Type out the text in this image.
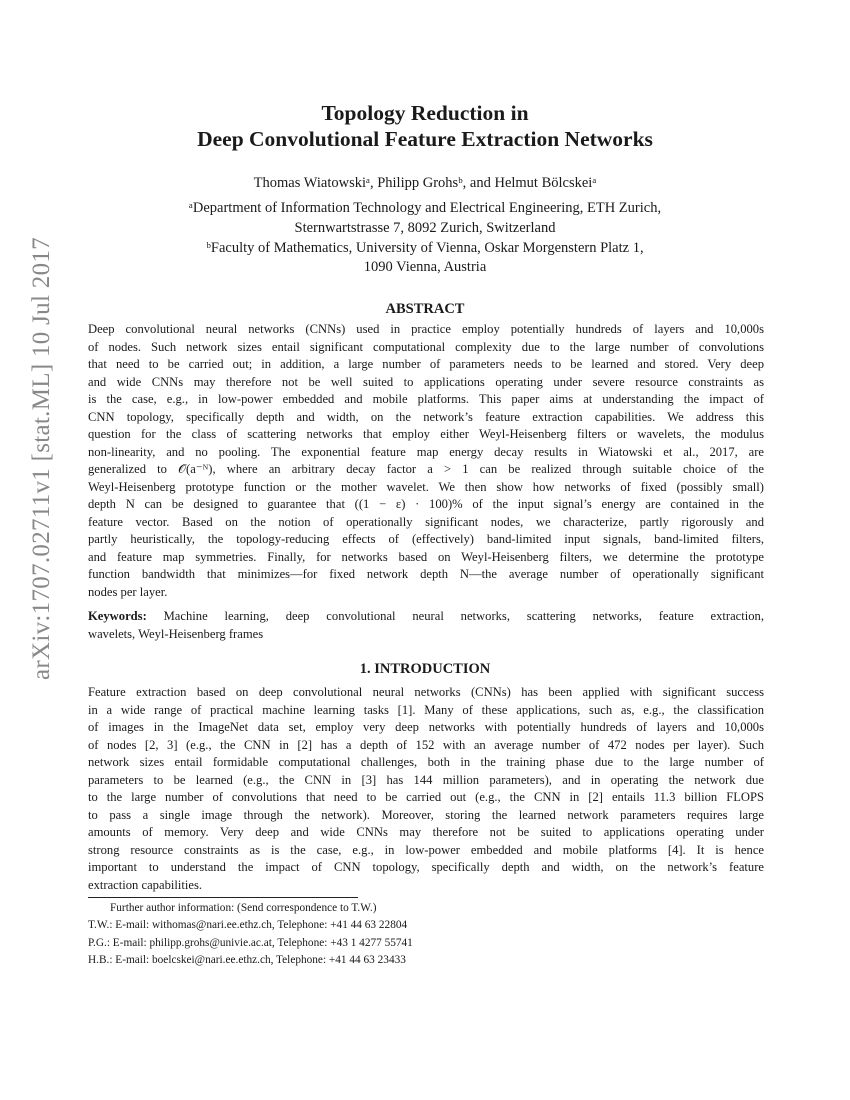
arXiv:1707.02711v1 [stat.ML] 10 Jul 2017
Topology Reduction in
Deep Convolutional Feature Extraction Networks
Thomas Wiatowskiᵃ, Philipp Grohsᵇ, and Helmut Bölcskeiᵃ
ᵃDepartment of Information Technology and Electrical Engineering, ETH Zurich,
Sternwartstrasse 7, 8092 Zurich, Switzerland
ᵇFaculty of Mathematics, University of Vienna, Oskar Morgenstern Platz 1,
1090 Vienna, Austria
ABSTRACT
Deep convolutional neural networks (CNNs) used in practice employ potentially hundreds of layers and 10,000s
of nodes. Such network sizes entail significant computational complexity due to the large number of convolutions
that need to be carried out; in addition, a large number of parameters needs to be learned and stored. Very deep
and wide CNNs may therefore not be well suited to applications operating under severe resource constraints as
is the case, e.g., in low-power embedded and mobile platforms. This paper aims at understanding the impact of
CNN topology, specifically depth and width, on the network’s feature extraction capabilities. We address this
question for the class of scattering networks that employ either Weyl-Heisenberg filters or wavelets, the modulus
non-linearity, and no pooling. The exponential feature map energy decay results in Wiatowski et al., 2017, are
generalized to 𝒪(a⁻ᴺ), where an arbitrary decay factor a > 1 can be realized through suitable choice of the
Weyl-Heisenberg prototype function or the mother wavelet. We then show how networks of fixed (possibly small)
depth N can be designed to guarantee that ((1 − ε) · 100)% of the input signal’s energy are contained in the
feature vector. Based on the notion of operationally significant nodes, we characterize, partly rigorously and
partly heuristically, the topology-reducing effects of (effectively) band-limited input signals, band-limited filters,
and feature map symmetries. Finally, for networks based on Weyl-Heisenberg filters, we determine the prototype
function bandwidth that minimizes—for fixed network depth N—the average number of operationally significant
nodes per layer.
Keywords: Machine learning, deep convolutional neural networks, scattering networks, feature extraction,
wavelets, Weyl-Heisenberg frames
1. INTRODUCTION
Feature extraction based on deep convolutional neural networks (CNNs) has been applied with significant success
in a wide range of practical machine learning tasks [1]. Many of these applications, such as, e.g., the classification
of images in the ImageNet data set, employ very deep networks with potentially hundreds of layers and 10,000s
of nodes [2, 3] (e.g., the CNN in [2] has a depth of 152 with an average number of 472 nodes per layer). Such
network sizes entail formidable computational challenges, both in the training phase due to the large number of
parameters to be learned (e.g., the CNN in [3] has 144 million parameters), and in operating the network due
to the large number of convolutions that need to be carried out (e.g., the CNN in [2] entails 11.3 billion FLOPS
to pass a single image through the network). Moreover, storing the learned network parameters requires large
amounts of memory. Very deep and wide CNNs may therefore not be suited to applications operating under
strong resource constraints as is the case, e.g., in low-power embedded and mobile platforms [4]. It is hence
important to understand the impact of CNN topology, specifically depth and width, on the network’s feature
extraction capabilities.
Further author information: (Send correspondence to T.W.)
T.W.: E-mail: withomas@nari.ee.ethz.ch, Telephone: +41 44 63 22804
P.G.: E-mail: philipp.grohs@univie.ac.at, Telephone: +43 1 4277 55741
H.B.: E-mail: boelcskei@nari.ee.ethz.ch, Telephone: +41 44 63 23433
